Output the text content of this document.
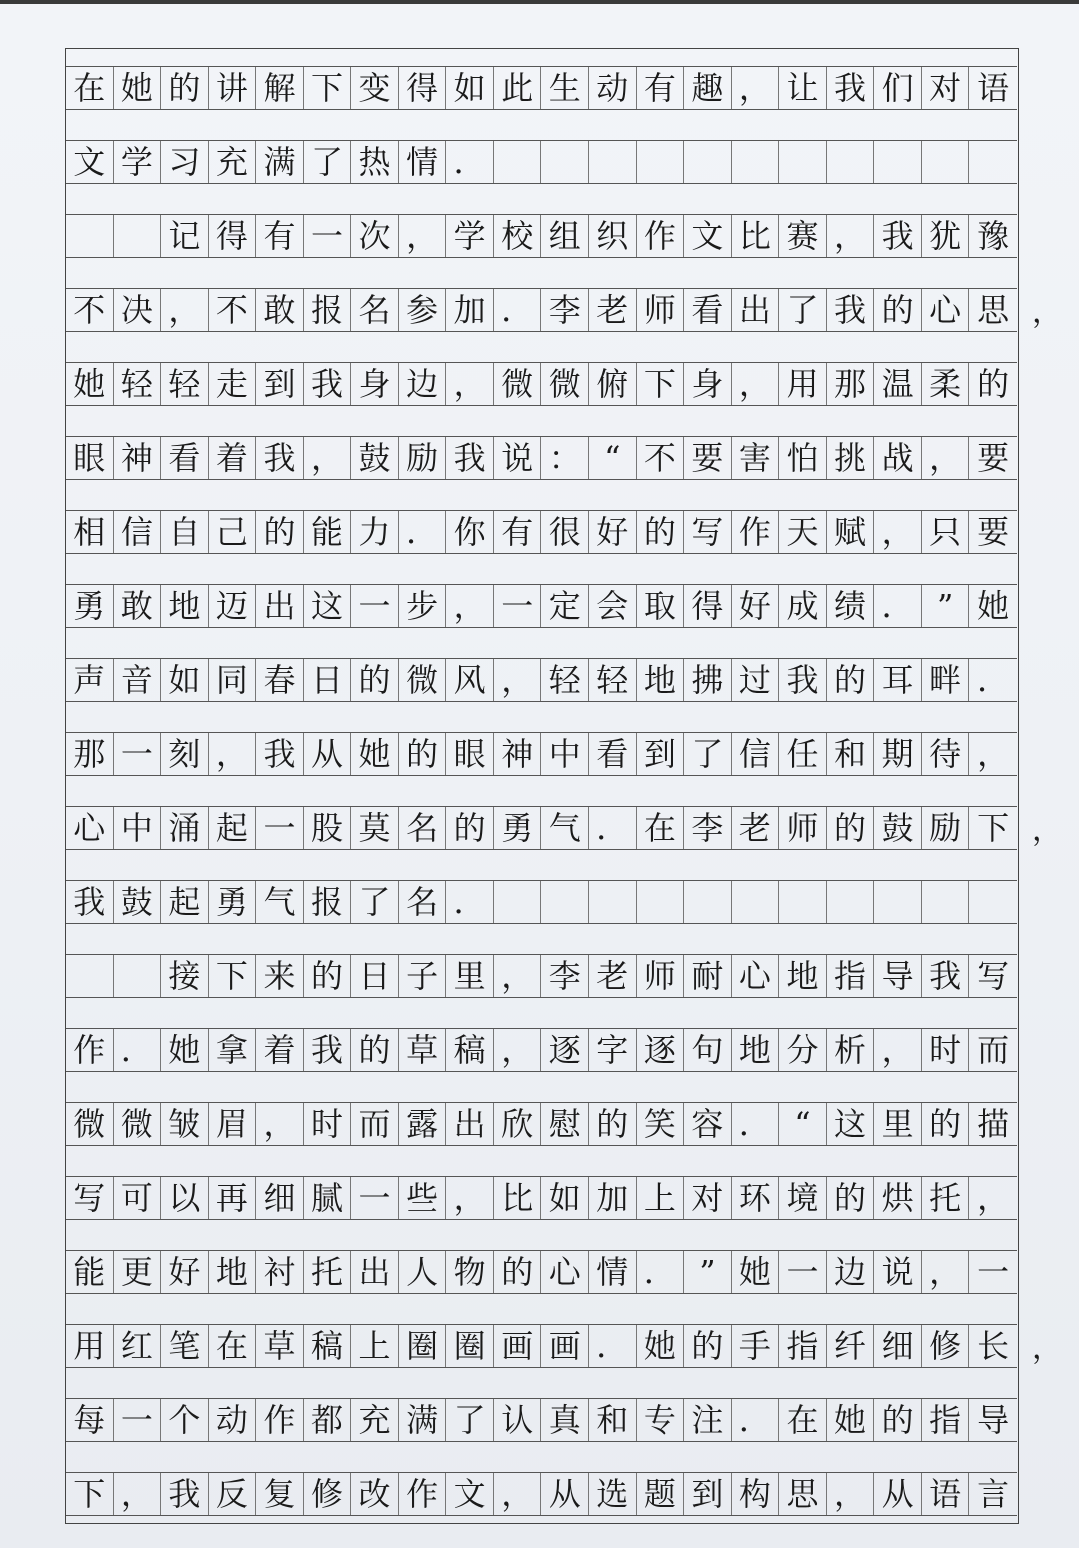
在 她 的 讲 解 下 变 得 如 此 生 动 有 趣 ， 让 我 们 对 语
文 学 习 充 满 了 热 情 ．
记 得 有 一 次 ， 学 校 组 织 作 文 比 赛 ， 我 犹 豫
不 决 ， 不 敢 报 名 参 加 ． 李 老 师 看 出 了 我 的 心 思
她 轻 轻 走 到 我 身 边 ， 微 微 俯 下 身 ， 用 那 温 柔 的
眼 神 看 着 我 ， 鼓 励 我 说 ： “ 不 要 害 怕 挑 战 ， 要
相 信 自 己 的 能 力 ． 你 有 很 好 的 写 作 天 赋 ， 只 要
勇 敢 地 迈 出 这 一 步 ， 一 定 会 取 得 好 成 绩 ． ” 她
声 音 如 同 春 日 的 微 风 ， 轻 轻 地 拂 过 我 的 耳 畔 ．
那 一 刻 ， 我 从 她 的 眼 神 中 看 到 了 信 任 和 期 待 ，
心 中 涌 起 一 股 莫 名 的 勇 气 ． 在 李 老 师 的 鼓 励 下
我 鼓 起 勇 气 报 了 名 ．
接 下 来 的 日 子 里 ， 李 老 师 耐 心 地 指 导 我 写
作 ． 她 拿 着 我 的 草 稿 ， 逐 字 逐 句 地 分 析 ， 时 而
微 微 皱 眉 ， 时 而 露 出 欣 慰 的 笑 容 ． “ 这 里 的 描
写 可 以 再 细 腻 一 些 ， 比 如 加 上 对 环 境 的 烘 托 ，
能 更 好 地 衬 托 出 人 物 的 心 情 ． ” 她 一 边 说 ， 一
用 红 笔 在 草 稿 上 圈 圈 画 画 ． 她 的 手 指 纤 细 修 长
每 一 个 动 作 都 充 满 了 认 真 和 专 注 ． 在 她 的 指 导
下 ， 我 反 复 修 改 作 文 ， 从 选 题 到 构 思 ， 从 语 言
，
，
，
